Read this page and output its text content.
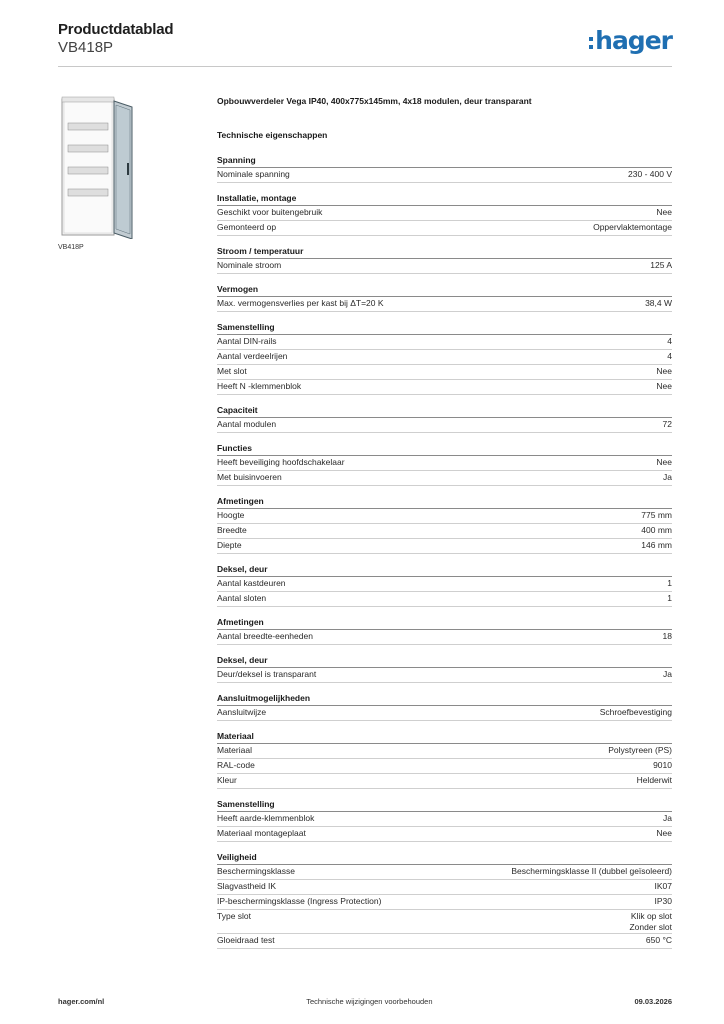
Productdatablad
VB418P	hager
VB418P
Opbouwverdeler Vega IP40, 400x775x145mm, 4x18 modulen, deur transparant
Technische eigenschappen
Spanning
Nominale spanning	230 - 400 V
Installatie, montage
Geschikt voor buitengebruik	Nee
Gemonteerd op	Oppervlaktemontage
Stroom / temperatuur
Nominale stroom	125 A
Vermogen
Max. vermogensverlies per kast bij ΔT=20 K	38,4 W
Samenstelling
Aantal DIN-rails	4
Aantal verdeelrijen	4
Met slot	Nee
Heeft N -klemmenblok	Nee
Capaciteit
Aantal modulen	72
Functies
Heeft beveiliging hoofdschakelaar	Nee
Met buisinvoeren	Ja
Afmetingen
Hoogte	775 mm
Breedte	400 mm
Diepte	146 mm
Deksel, deur
Aantal kastdeuren	1
Aantal sloten	1
Afmetingen
Aantal breedte-eenheden	18
Deksel, deur
Deur/deksel is transparant	Ja
Aansluitmogelijkheden
Aansluitwijze	Schroefbevestiging
Materiaal
Materiaal	Polystyreen (PS)
RAL-code	9010
Kleur	Helderwit
Samenstelling
Heeft aarde-klemmenblok	Ja
Materiaal montageplaat	Nee
Veiligheid
Beschermingsklasse	Beschermingsklasse II (dubbel geïsoleerd)
Slagvastheid IK	IK07
IP-beschermingsklasse (Ingress Protection)	IP30
Type slot	Klik op slot
Zonder slot
Gloeidraad test	650 °C
hager.com/nl	Technische wijzigingen voorbehouden	09.03.2026
